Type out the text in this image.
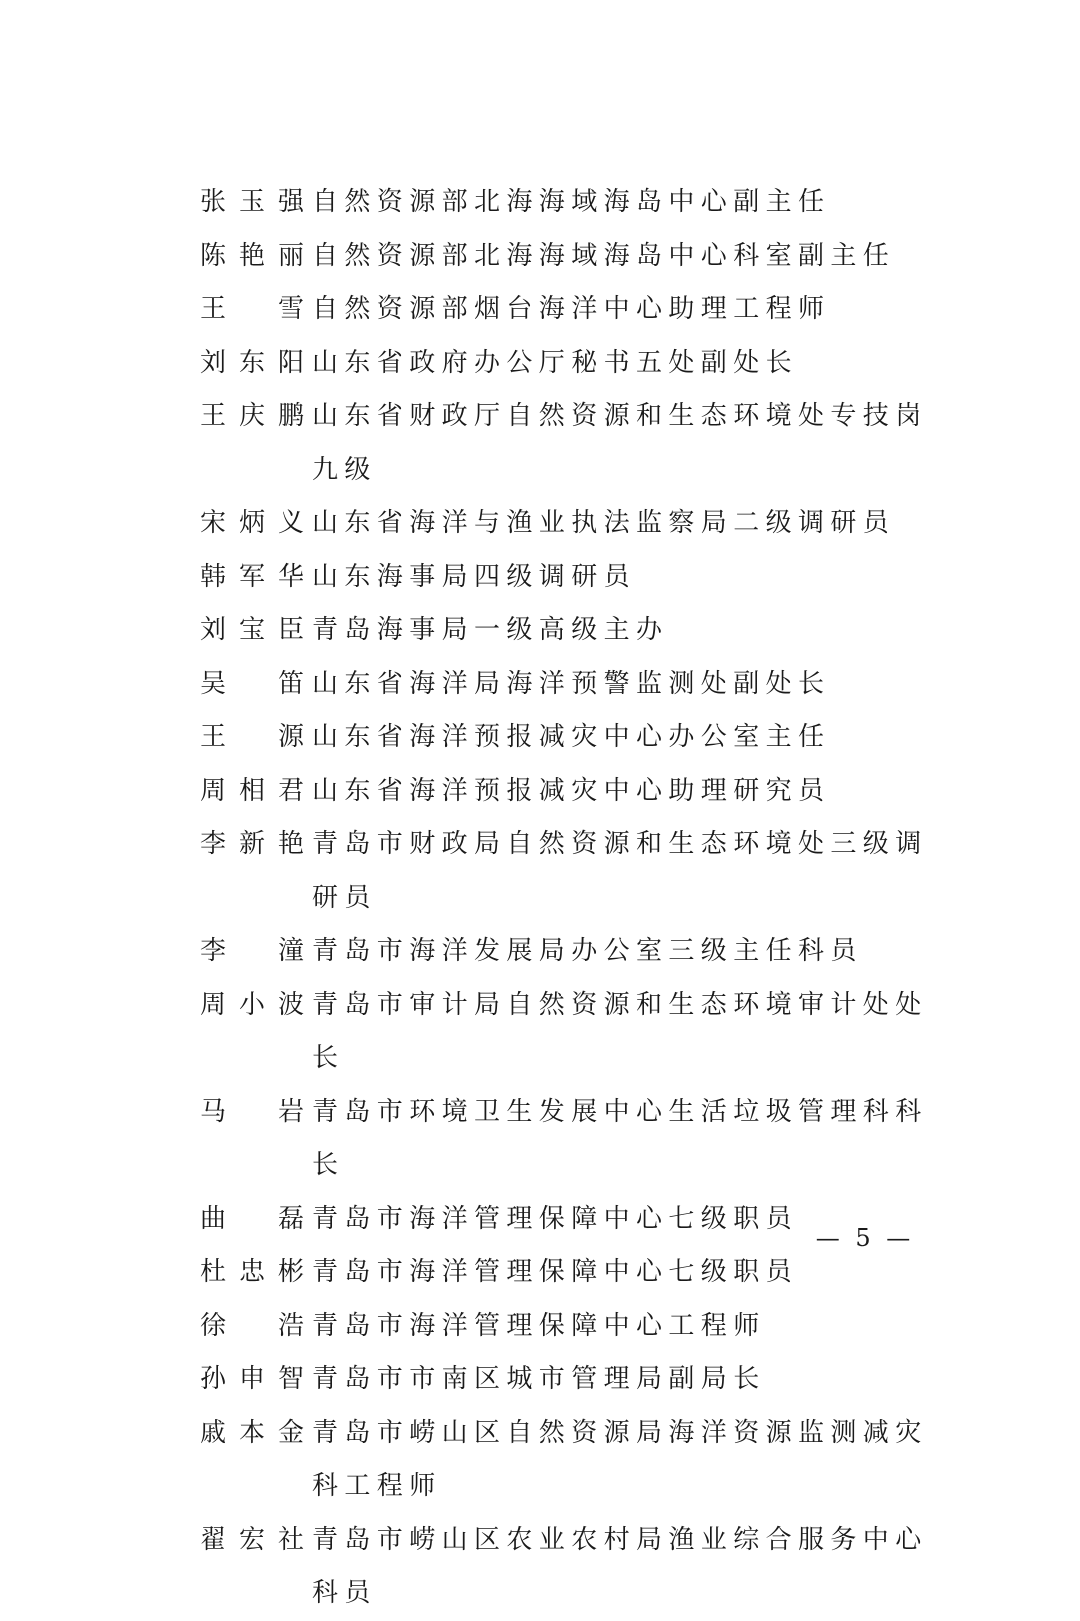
张玉强 自然资源部北海海域海岛中心副主任
陈艳丽 自然资源部北海海域海岛中心科室副主任
王 雪 自然资源部烟台海洋中心助理工程师
刘东阳 山东省政府办公厅秘书五处副处长
王庆鹏 山东省财政厅自然资源和生态环境处专技岗九级
宋炳义 山东省海洋与渔业执法监察局二级调研员
韩军华 山东海事局四级调研员
刘宝臣 青岛海事局一级高级主办
吴 笛 山东省海洋局海洋预警监测处副处长
王 源 山东省海洋预报减灾中心办公室主任
周相君 山东省海洋预报减灾中心助理研究员
李新艳 青岛市财政局自然资源和生态环境处三级调研员
李 潼 青岛市海洋发展局办公室三级主任科员
周小波 青岛市审计局自然资源和生态环境审计处处长
马 岩 青岛市环境卫生发展中心生活垃圾管理科科长
曲 磊 青岛市海洋管理保障中心七级职员
杜忠彬 青岛市海洋管理保障中心七级职员
徐 浩 青岛市海洋管理保障中心工程师
孙申智 青岛市市南区城市管理局副局长
戚本金 青岛市崂山区自然资源局海洋资源监测减灾科工程师
翟宏社 青岛市崂山区农业农村局渔业综合服务中心科员
— 5 —
